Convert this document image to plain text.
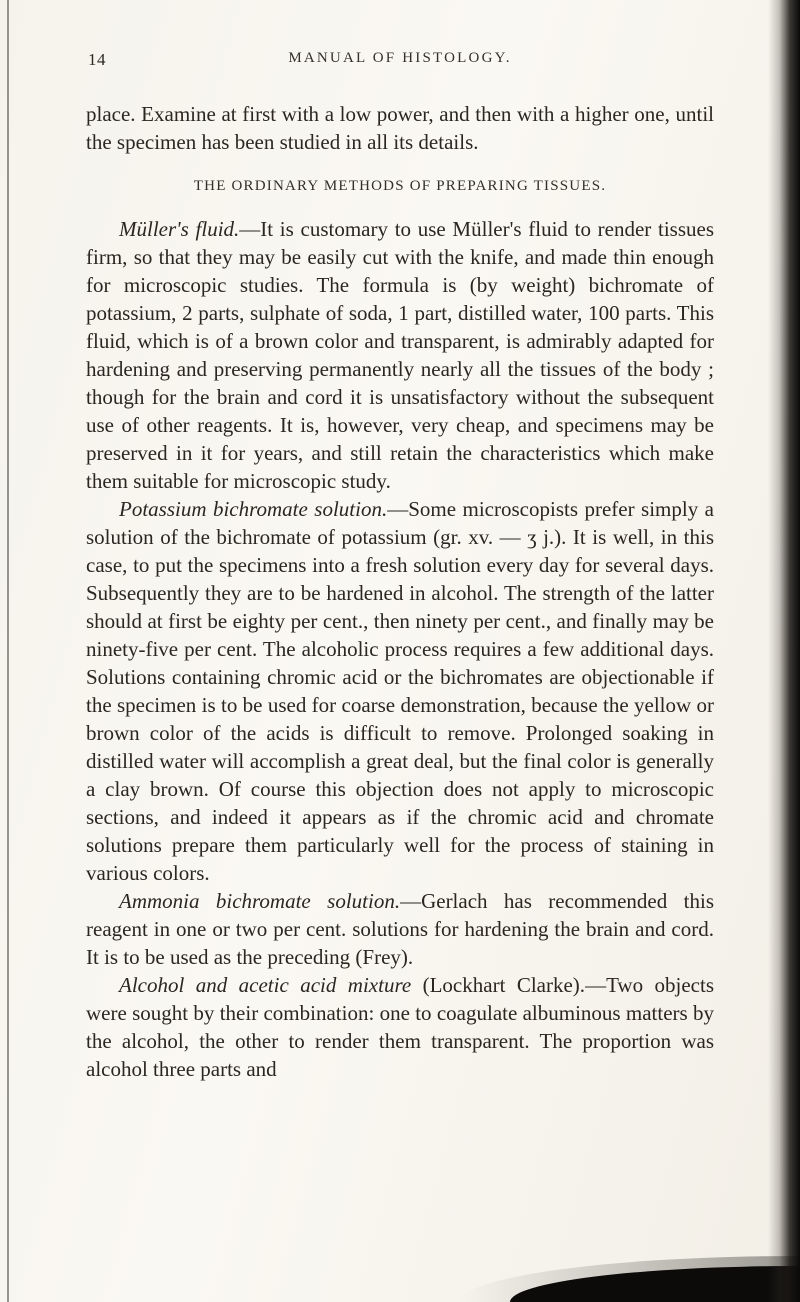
14	MANUAL OF HISTOLOGY.

place. Examine at first with a low power, and then with a higher one, until the specimen has been studied in all its details.

THE ORDINARY METHODS OF PREPARING TISSUES.

Müller's fluid.—It is customary to use Müller's fluid to render tissues firm, so that they may be easily cut with the knife, and made thin enough for microscopic studies. The formula is (by weight) bichromate of potassium, 2 parts, sulphate of soda, 1 part, distilled water, 100 parts. This fluid, which is of a brown color and transparent, is admirably adapted for hardening and preserving permanently nearly all the tissues of the body ; though for the brain and cord it is unsatisfactory without the subsequent use of other reagents. It is, however, very cheap, and specimens may be preserved in it for years, and still retain the characteristics which make them suitable for microscopic study.

Potassium bichromate solution.—Some microscopists prefer simply a solution of the bichromate of potassium (gr. xv. — ʒ j.). It is well, in this case, to put the specimens into a fresh solution every day for several days. Subsequently they are to be hardened in alcohol. The strength of the latter should at first be eighty per cent., then ninety per cent., and finally may be ninety-five per cent. The alcoholic process requires a few additional days. Solutions containing chromic acid or the bichromates are objectionable if the specimen is to be used for coarse demonstration, because the yellow or brown color of the acids is difficult to remove. Prolonged soaking in distilled water will accomplish a great deal, but the final color is generally a clay brown. Of course this objection does not apply to microscopic sections, and indeed it appears as if the chromic acid and chromate solutions prepare them particularly well for the process of staining in various colors.

Ammonia bichromate solution.—Gerlach has recommended this reagent in one or two per cent. solutions for hardening the brain and cord. It is to be used as the preceding (Frey).

Alcohol and acetic acid mixture (Lockhart Clarke).—Two objects were sought by their combination: one to coagulate albuminous matters by the alcohol, the other to render them transparent. The proportion was alcohol three parts and
